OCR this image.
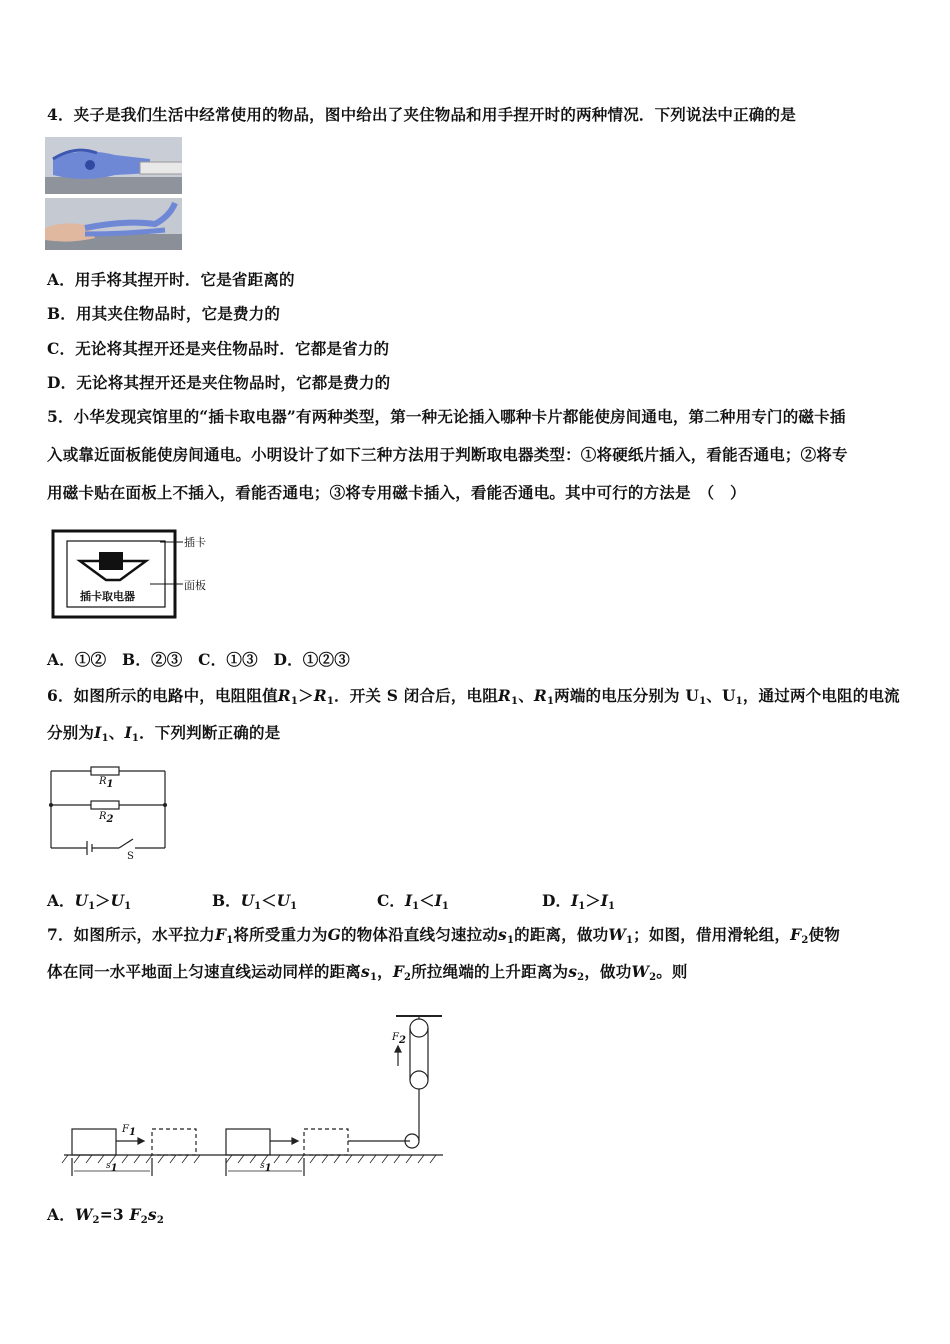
4．夹子是我们生活中经常使用的物品，图中给出了夹住物品和用手捏开时的两种情况．下列说法中正确的是
A．用手将其捏开时．它是省距离的
B．用其夹住物品时，它是费力的
C．无论将其捏开还是夹住物品时．它都是省力的
D．无论将其捏开还是夹住物品时，它都是费力的
5．小华发现宾馆里的“插卡取电器”有两种类型，第一种无论插入哪种卡片都能使房间通电，第二种用专门的磁卡插
入或靠近面板能使房间通电。小明设计了如下三种方法用于判断取电器类型：①将硬纸片插入，看能否通电；②将专
用磁卡贴在面板上不插入，看能否通电；③将专用磁卡插入，看能否通电。其中可行的方法是　（　）
插卡
面板
插卡取电器
A．①②　B．②③　C．①③　D．①②③
6．如图所示的电路中，电阻阻值$R_1>R_1$．开关 S 闭合后，电阻$R_1$、$R_1$两端的电压分别为 $U_1$、$U_1$，通过两个电阻的电流
分别为$I_1$、$I_1$．下列判断正确的是
$R_1$
$R_2$
S
A．$U_1>U_1$	B．$U_1<U_1$	C．$I_1<I_1$	D．$I_1>I_1$
7．如图所示，水平拉力$F_1$将所受重力为G的物体沿直线匀速拉动$s_1$的距离，做功$W_1$；如图，借用滑轮组，$F_2$使物
体在同一水平地面上匀速直线运动同样的距离$s_1$，$F_2$所拉绳端的上升距离为$s_2$，做功$W_2$。则
$F_1$
$s_1$	$s_1$
$F_2$
A．$W_2=3$ $F_2s_2$
